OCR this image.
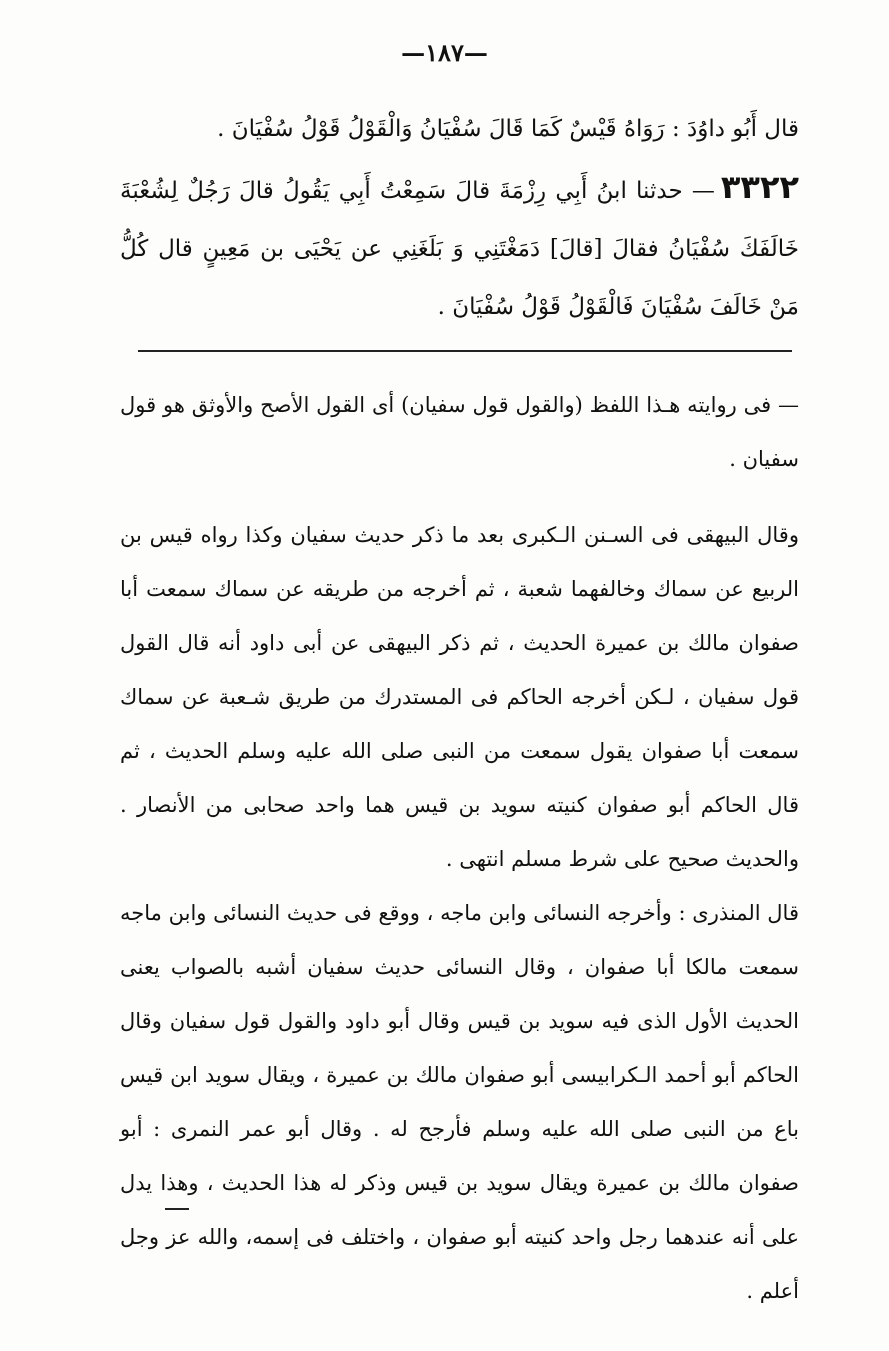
—١٨٧—

قال أَبُو داوُدَ : رَوَاهُ قَيْسٌ كَمَا قَالَ سُفْيَانُ وَالْقَوْلُ قَوْلُ سُفْيَانَ .

٣٣٢٢— حدثنا ابنُ أَبِي رِزْمَةَ قالَ سَمِعْتُ أَبِي يَقُولُ قالَ رَجُلٌ لِشُعْبَةَ خَالَفَكَ سُفْيَانُ فقالَ [قالَ] دَمَغْتَنِي وَ بَلَغَنِي عن يَحْيَى بن مَعِينٍ قال كُلُّ مَنْ خَالَفَ سُفْيَانَ فَالْقَوْلُ قَوْلُ سُفْيَانَ .

— فى روايته هـذا اللفظ (والقول قول سفيان) أى القول الأصح والأوثق هو قول سفيان .

وقال البيهقى فى السـنن الـكبرى بعد ما ذكر حديث سفيان وكذا رواه قيس بن الربيع عن سماك وخالفهما شعبة ، ثم أخرجه من طريقه عن سماك سمعت أبا صفوان مالك بن عميرة الحديث ، ثم ذكر البيهقى عن أبى داود أنه قال القول قول سفيان ، لـكن أخرجه الحاكم فى المستدرك من طريق شـعبة عن سماك سمعت أبا صفوان يقول سمعت من النبى صلى الله عليه وسلم الحديث ، ثم قال الحاكم أبو صفوان كنيته سويد بن قيس هما واحد صحابى من الأنصار . والحديث صحيح على شرط مسلم انتهى .

قال المنذرى : وأخرجه النسائى وابن ماجه ، ووقع فى حديث النسائى وابن ماجه سمعت مالكا أبا صفوان ، وقال النسائى حديث سفيان أشبه بالصواب يعنى الحديث الأول الذى فيه سويد بن قيس وقال أبو داود والقول قول سفيان وقال الحاكم أبو أحمد الـكرابيسى أبو صفوان مالك بن عميرة ، ويقال سويد ابن قيس باع من النبى صلى الله عليه وسلم فأرجح له . وقال أبو عمر النمرى : أبو صفوان مالك بن عميرة ويقال سويد بن قيس وذكر له هذا الحديث ، وهذا يدل على أنه عندهما رجل واحد كنيته أبو صفوان ، واختلف فى إسمه، والله عز وجل أعلم .
